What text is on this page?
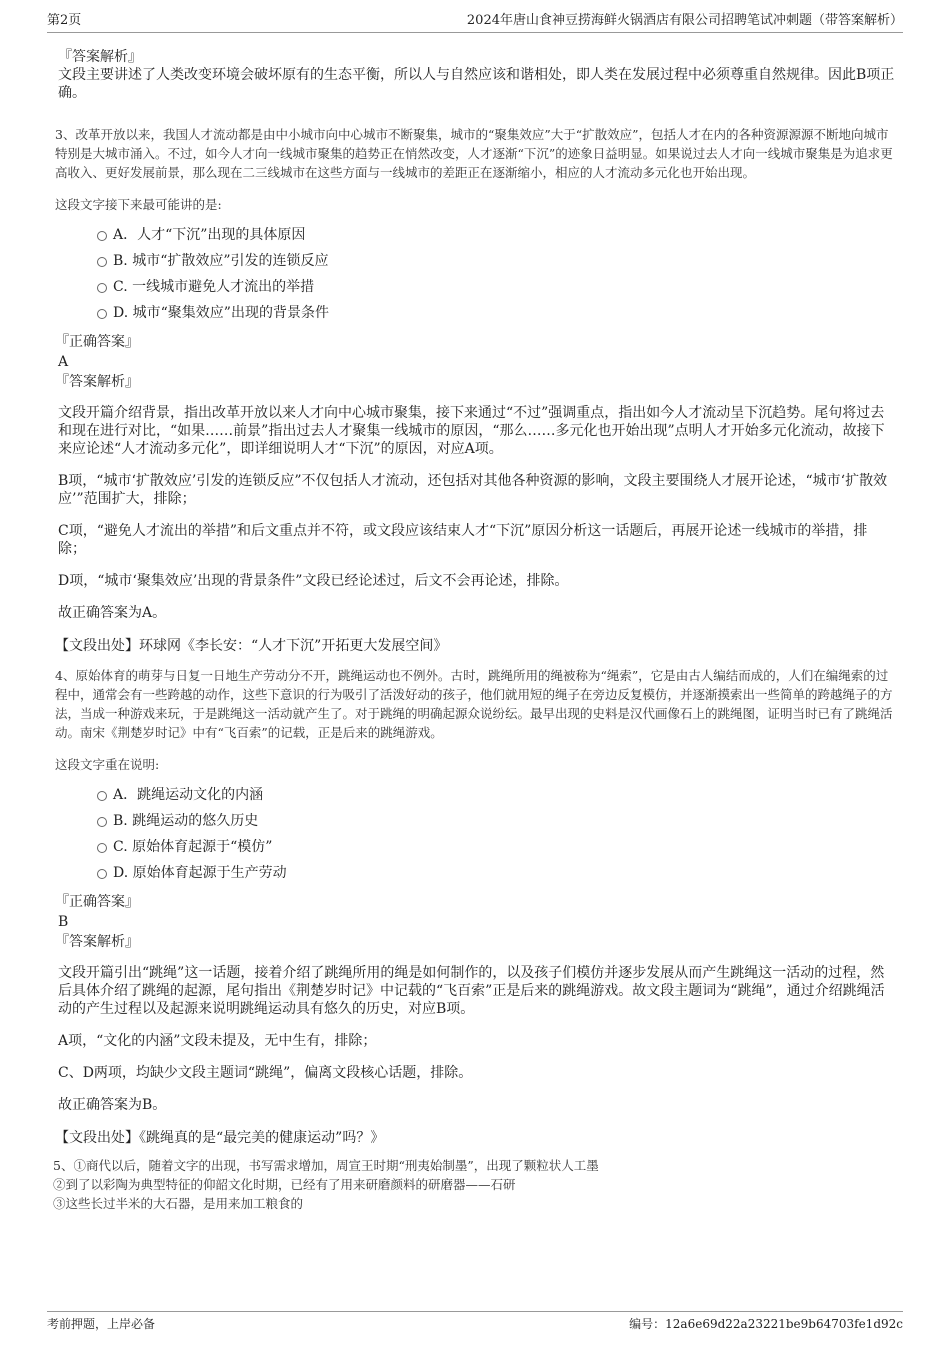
第2页	2024年唐山食神豆捞海鲜火锅酒店有限公司招聘笔试冲刺题（带答案解析）

『答案解析』

文段主要讲述了人类改变环境会破坏原有的生态平衡，所以人与自然应该和谐相处，即人类在发展过程中必须尊重自然规律。因此B项正确。

3、改革开放以来，我国人才流动都是由中小城市向中心城市不断聚集，城市的“聚集效应”大于“扩散效应”，包括人才在内的各种资源源源不断地向城市特别是大城市涌入。不过，如今人才向一线城市聚集的趋势正在悄然改变，人才逐渐“下沉”的迹象日益明显。如果说过去人才向一线城市聚集是为追求更高收入、更好发展前景，那么现在二三线城市在这些方面与一线城市的差距正在逐渐缩小，相应的人才流动多元化也开始出现。

这段文字接下来最可能讲的是:

A．人才“下沉”出现的具体原因
B. 城市“扩散效应”引发的连锁反应
C. 一线城市避免人才流出的举措
D. 城市“聚集效应”出现的背景条件

『正确答案』

A

『答案解析』

文段开篇介绍背景，指出改革开放以来人才向中心城市聚集，接下来通过“不过”强调重点，指出如今人才流动呈下沉趋势。尾句将过去和现在进行对比，“如果……前景”指出过去人才聚集一线城市的原因，“那么……多元化也开始出现”点明人才开始多元化流动，故接下来应论述“人才流动多元化”，即详细说明人才“下沉”的原因，对应A项。

B项，“城市‘扩散效应’引发的连锁反应”不仅包括人才流动，还包括对其他各种资源的影响，文段主要围绕人才展开论述，“城市‘扩散效应’”范围扩大，排除；

C项，“避免人才流出的举措”和后文重点并不符，或文段应该结束人才“下沉”原因分析这一话题后，再展开论述一线城市的举措，排除；

D项，“城市‘聚集效应’出现的背景条件”文段已经论述过，后文不会再论述，排除。

故正确答案为A。

【文段出处】环球网《李长安：“人才下沉”开拓更大发展空间》

4、原始体育的萌芽与日复一日地生产劳动分不开，跳绳运动也不例外。古时，跳绳所用的绳被称为“绳索”，它是由古人编结而成的，人们在编绳索的过程中，通常会有一些跨越的动作，这些下意识的行为吸引了活泼好动的孩子，他们就用短的绳子在旁边反复模仿，并逐渐摸索出一些简单的跨越绳子的方法，当成一种游戏来玩，于是跳绳这一活动就产生了。对于跳绳的明确起源众说纷纭。最早出现的史料是汉代画像石上的跳绳图，证明当时已有了跳绳活动。南宋《荆楚岁时记》中有“飞百索”的记载，正是后来的跳绳游戏。

这段文字重在说明:

A．跳绳运动文化的内涵
B. 跳绳运动的悠久历史
C. 原始体育起源于“模仿”
D. 原始体育起源于生产劳动

『正确答案』

B

『答案解析』

文段开篇引出“跳绳”这一话题，接着介绍了跳绳所用的绳是如何制作的，以及孩子们模仿并逐步发展从而产生跳绳这一活动的过程，然后具体介绍了跳绳的起源，尾句指出《荆楚岁时记》中记载的“飞百索”正是后来的跳绳游戏。故文段主题词为“跳绳”，通过介绍跳绳活动的产生过程以及起源来说明跳绳运动具有悠久的历史，对应B项。

A项，“文化的内涵”文段未提及，无中生有，排除；

C、D两项，均缺少文段主题词“跳绳”，偏离文段核心话题，排除。

故正确答案为B。

【文段出处】《跳绳真的是“最完美的健康运动”吗？》

5、①商代以后，随着文字的出现，书写需求增加，周宣王时期“刑夷始制墨”，出现了颗粒状人工墨

②到了以彩陶为典型特征的仰韶文化时期，已经有了用来研磨颜料的研磨器——石研

③这些长过半米的大石器，是用来加工粮食的

考前押题，上岸必备	编号：12a6e69d22a23221be9b64703fe1d92c
